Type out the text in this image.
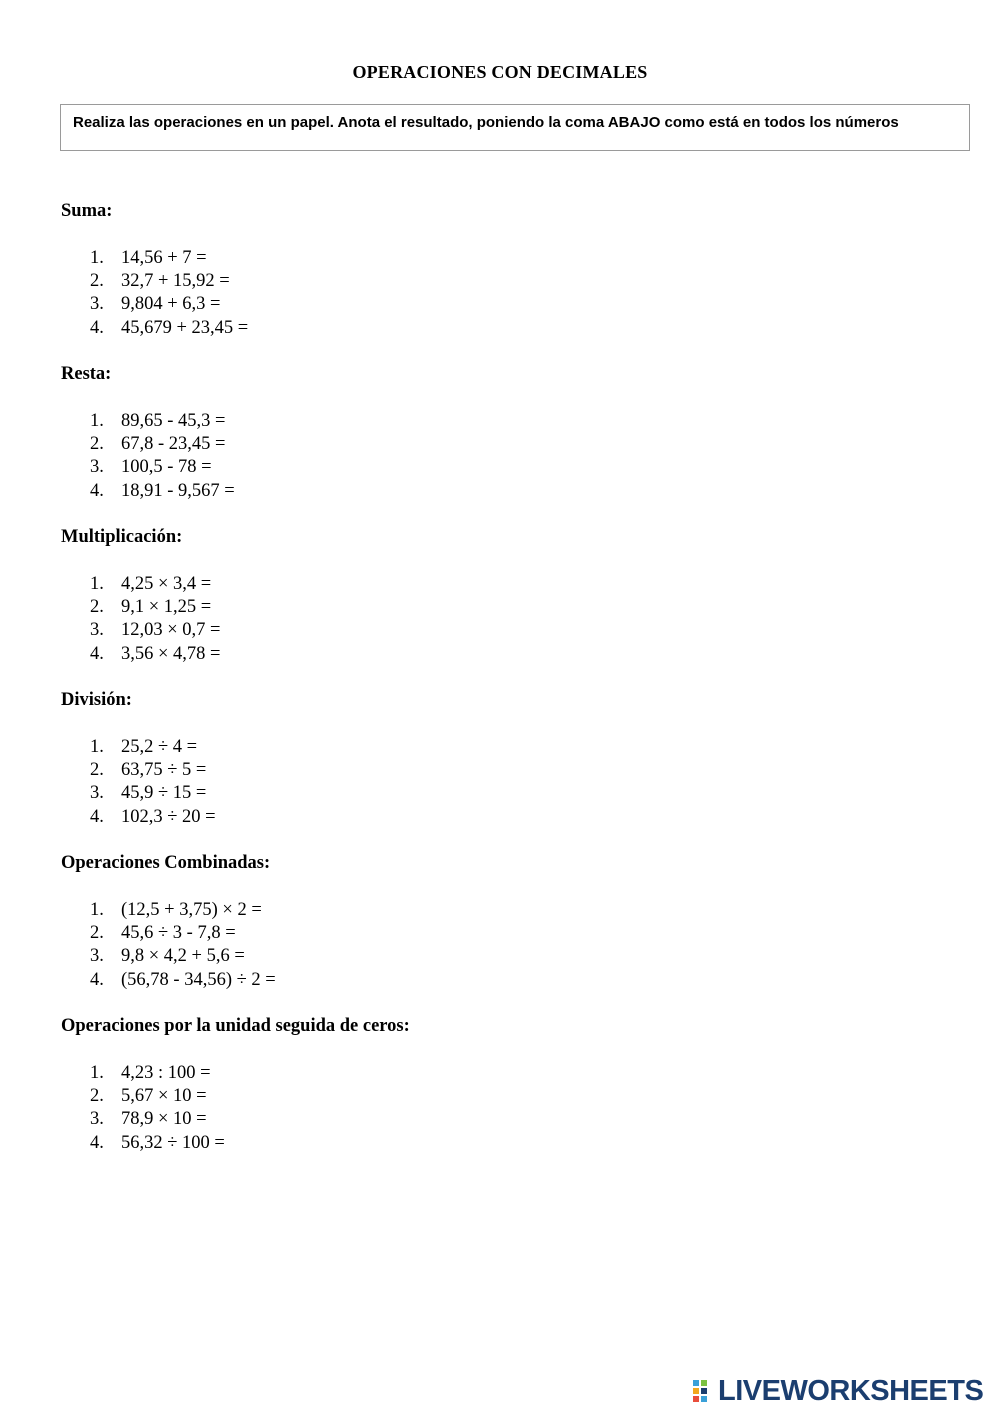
OPERACIONES CON DECIMALES
Realiza las operaciones en un papel. Anota el resultado, poniendo la coma ABAJO como está en todos los números
Suma:
1. 14,56 + 7 =
2. 32,7 + 15,92 =
3. 9,804 + 6,3 =
4. 45,679 + 23,45 =
Resta:
1. 89,65 - 45,3 =
2. 67,8 - 23,45 =
3. 100,5 - 78 =
4. 18,91 - 9,567 =
Multiplicación:
1. 4,25 × 3,4 =
2. 9,1 × 1,25 =
3. 12,03 × 0,7 =
4. 3,56 × 4,78 =
División:
1. 25,2 ÷ 4 =
2. 63,75 ÷ 5 =
3. 45,9 ÷ 15 =
4. 102,3 ÷ 20 =
Operaciones Combinadas:
1. (12,5 + 3,75) × 2 =
2. 45,6 ÷ 3 - 7,8 =
3. 9,8 × 4,2 + 5,6 =
4. (56,78 - 34,56) ÷ 2 =
Operaciones por la unidad seguida de ceros:
1. 4,23 : 100 =
2. 5,67 × 10 =
3. 78,9 × 10 =
4. 56,32 ÷ 100 =
LIVEWORKSHEETS
